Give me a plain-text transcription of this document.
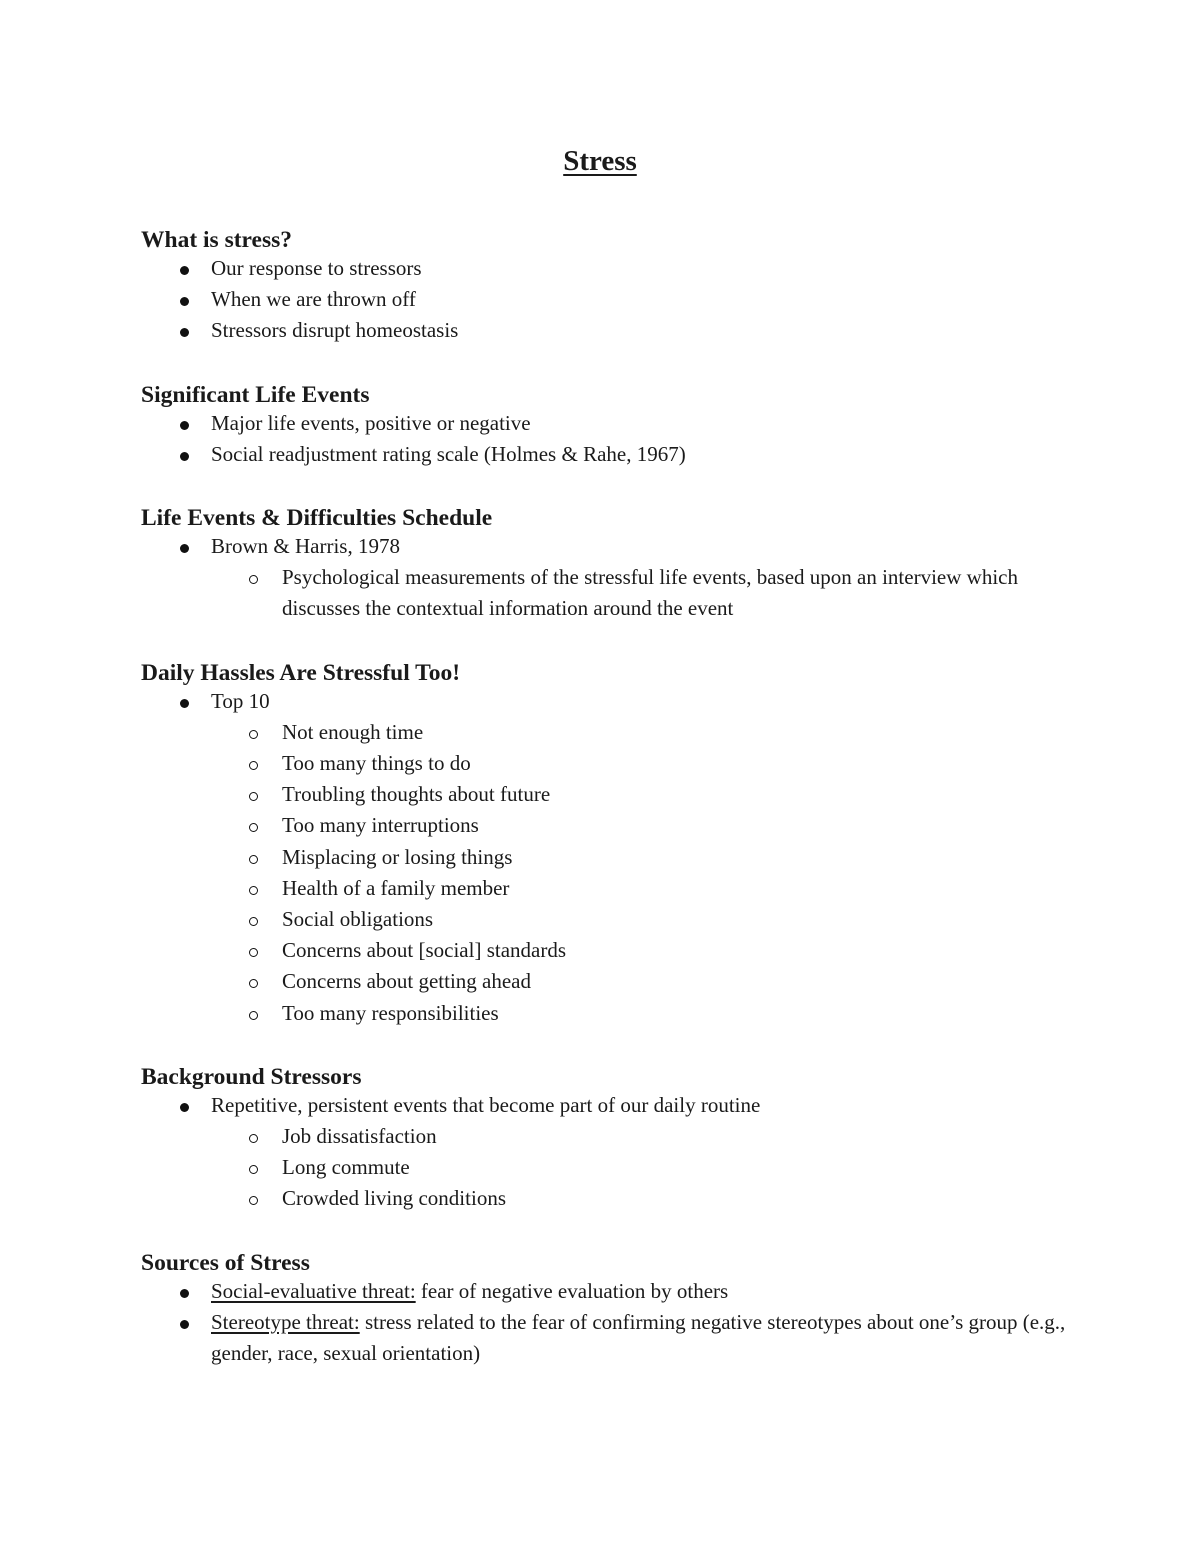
Stress
What is stress?
Our response to stressors
When we are thrown off
Stressors disrupt homeostasis
Significant Life Events
Major life events, positive or negative
Social readjustment rating scale (Holmes & Rahe, 1967)
Life Events & Difficulties Schedule
Brown & Harris, 1978
Psychological measurements of the stressful life events, based upon an interview which discusses the contextual information around the event
Daily Hassles Are Stressful Too!
Top 10
Not enough time
Too many things to do
Troubling thoughts about future
Too many interruptions
Misplacing or losing things
Health of a family member
Social obligations
Concerns about [social] standards
Concerns about getting ahead
Too many responsibilities
Background Stressors
Repetitive, persistent events that become part of our daily routine
Job dissatisfaction
Long commute
Crowded living conditions
Sources of Stress
Social-evaluative threat: fear of negative evaluation by others
Stereotype threat: stress related to the fear of confirming negative stereotypes about one’s group (e.g., gender, race, sexual orientation)
